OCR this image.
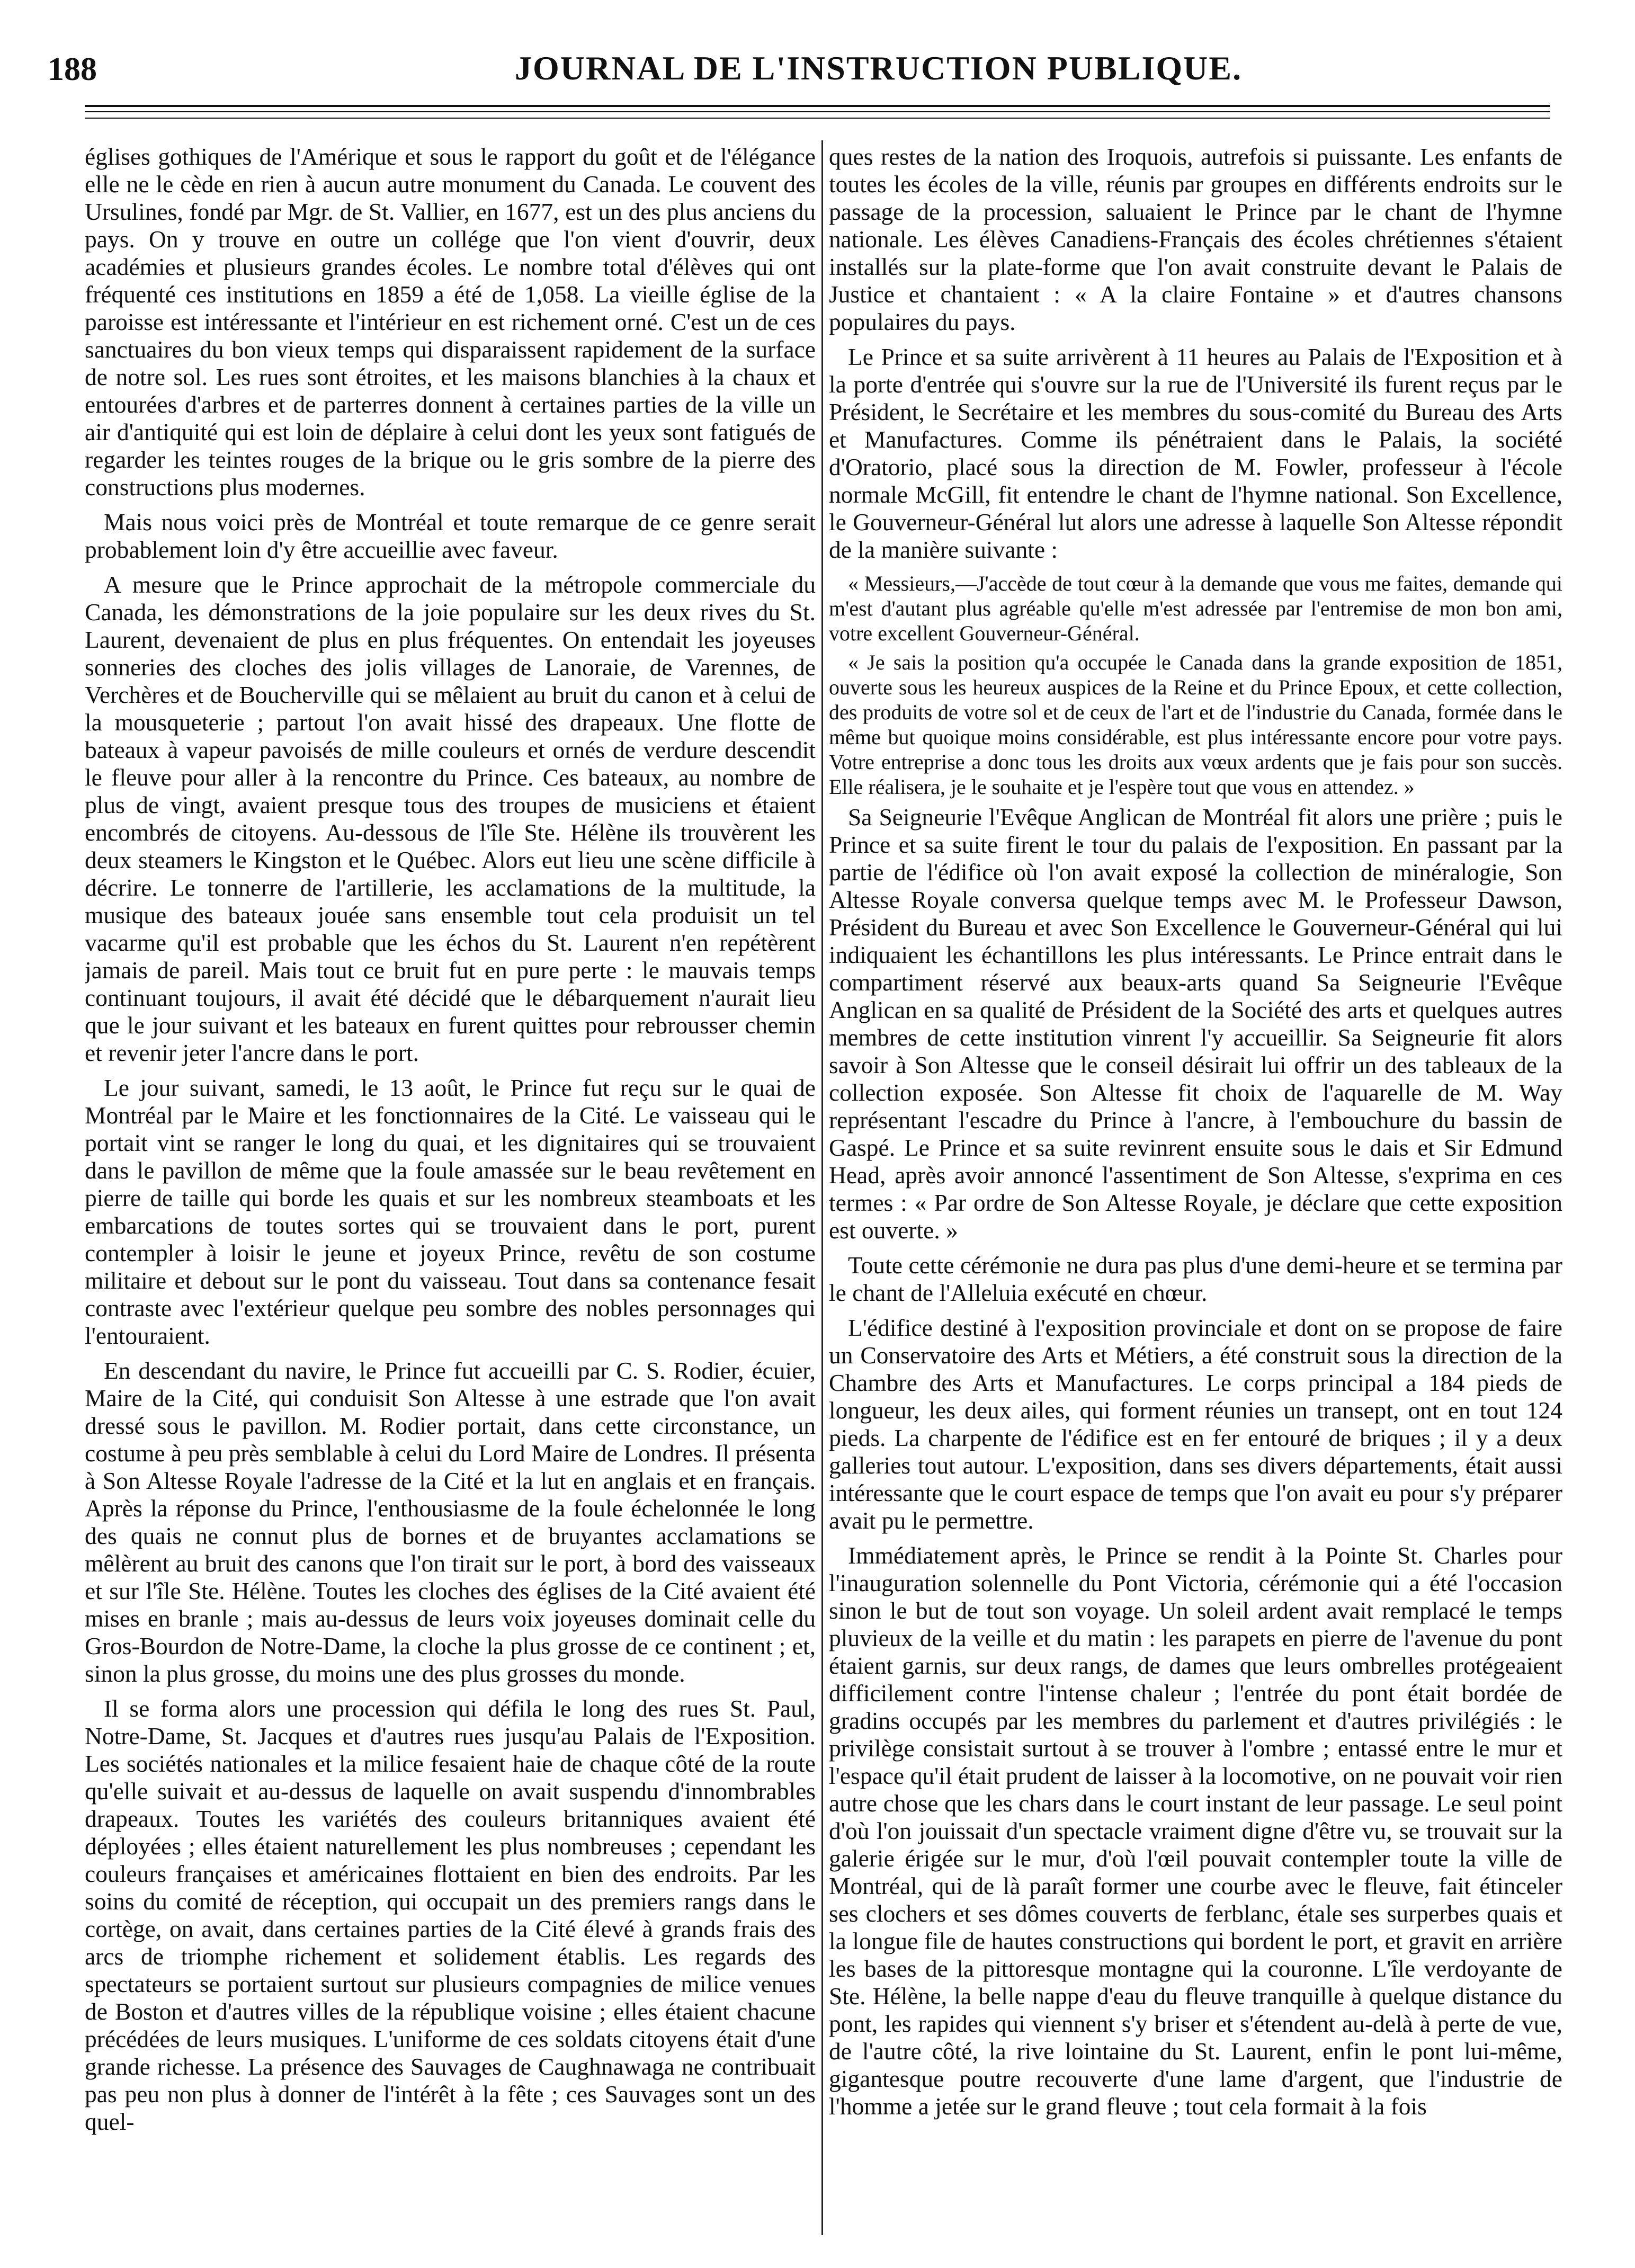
188	JOURNAL DE L'INSTRUCTION PUBLIQUE.

églises gothiques de l'Amérique et sous le rapport du goût et de l'élégance elle ne le cède en rien à aucun autre monument du Canada. Le couvent des Ursulines, fondé par Mgr. de St. Vallier, en 1677, est un des plus anciens du pays. On y trouve en outre un collége que l'on vient d'ouvrir, deux académies et plusieurs grandes écoles. Le nombre total d'élèves qui ont fréquenté ces institutions en 1859 a été de 1,058. La vieille église de la paroisse est intéressante et l'intérieur en est richement orné. C'est un de ces sanctuaires du bon vieux temps qui disparaissent rapidement de la surface de notre sol. Les rues sont étroites, et les maisons blanchies à la chaux et entourées d'arbres et de parterres donnent à certaines parties de la ville un air d'antiquité qui est loin de déplaire à celui dont les yeux sont fatigués de regarder les teintes rouges de la brique ou le gris sombre de la pierre des constructions plus modernes.

Mais nous voici près de Montréal et toute remarque de ce genre serait probablement loin d'y être accueillie avec faveur.

A mesure que le Prince approchait de la métropole commerciale du Canada, les démonstrations de la joie populaire sur les deux rives du St. Laurent, devenaient de plus en plus fréquentes. On entendait les joyeuses sonneries des cloches des jolis villages de Lanoraie, de Varennes, de Verchères et de Boucherville qui se mêlaient au bruit du canon et à celui de la mousqueterie ; partout l'on avait hissé des drapeaux. Une flotte de bateaux à vapeur pavoisés de mille couleurs et ornés de verdure descendit le fleuve pour aller à la rencontre du Prince. Ces bateaux, au nombre de plus de vingt, avaient presque tous des troupes de musiciens et étaient encombrés de citoyens. Au-dessous de l'île Ste. Hélène ils trouvèrent les deux steamers le Kingston et le Québec. Alors eut lieu une scène difficile à décrire. Le tonnerre de l'artillerie, les acclamations de la multitude, la musique des bateaux jouée sans ensemble tout cela produisit un tel vacarme qu'il est probable que les échos du St. Laurent n'en repétèrent jamais de pareil. Mais tout ce bruit fut en pure perte : le mauvais temps continuant toujours, il avait été décidé que le débarquement n'aurait lieu que le jour suivant et les bateaux en furent quittes pour rebrousser chemin et revenir jeter l'ancre dans le port.

Le jour suivant, samedi, le 13 août, le Prince fut reçu sur le quai de Montréal par le Maire et les fonctionnaires de la Cité. Le vaisseau qui le portait vint se ranger le long du quai, et les dignitaires qui se trouvaient dans le pavillon de même que la foule amassée sur le beau revêtement en pierre de taille qui borde les quais et sur les nombreux steamboats et les embarcations de toutes sortes qui se trouvaient dans le port, purent contempler à loisir le jeune et joyeux Prince, revêtu de son costume militaire et debout sur le pont du vaisseau. Tout dans sa contenance fesait contraste avec l'extérieur quelque peu sombre des nobles personnages qui l'entouraient.

En descendant du navire, le Prince fut accueilli par C. S. Rodier, écuier, Maire de la Cité, qui conduisit Son Altesse à une estrade que l'on avait dressé sous le pavillon. M. Rodier portait, dans cette circonstance, un costume à peu près semblable à celui du Lord Maire de Londres. Il présenta à Son Altesse Royale l'adresse de la Cité et la lut en anglais et en français. Après la réponse du Prince, l'enthousiasme de la foule échelonnée le long des quais ne connut plus de bornes et de bruyantes acclamations se mêlèrent au bruit des canons que l'on tirait sur le port, à bord des vaisseaux et sur l'île Ste. Hélène. Toutes les cloches des églises de la Cité avaient été mises en branle ; mais au-dessus de leurs voix joyeuses dominait celle du Gros-Bourdon de Notre-Dame, la cloche la plus grosse de ce continent ; et, sinon la plus grosse, du moins une des plus grosses du monde.

Il se forma alors une procession qui défila le long des rues St. Paul, Notre-Dame, St. Jacques et d'autres rues jusqu'au Palais de l'Exposition. Les sociétés nationales et la milice fesaient haie de chaque côté de la route qu'elle suivait et au-dessus de laquelle on avait suspendu d'innombrables drapeaux. Toutes les variétés des couleurs britanniques avaient été déployées ; elles étaient naturellement les plus nombreuses ; cependant les couleurs françaises et américaines flottaient en bien des endroits. Par les soins du comité de réception, qui occupait un des premiers rangs dans le cortège, on avait, dans certaines parties de la Cité élevé à grands frais des arcs de triomphe richement et solidement établis. Les regards des spectateurs se portaient surtout sur plusieurs compagnies de milice venues de Boston et d'autres villes de la république voisine ; elles étaient chacune précédées de leurs musiques. L'uniforme de ces soldats citoyens était d'une grande richesse. La présence des Sauvages de Caughnawaga ne contribuait pas peu non plus à donner de l'intérêt à la fête ; ces Sauvages sont un des quel-

ques restes de la nation des Iroquois, autrefois si puissante. Les enfants de toutes les écoles de la ville, réunis par groupes en différents endroits sur le passage de la procession, saluaient le Prince par le chant de l'hymne nationale. Les élèves Canadiens-Français des écoles chrétiennes s'étaient installés sur la plate-forme que l'on avait construite devant le Palais de Justice et chantaient : « A la claire Fontaine » et d'autres chansons populaires du pays.

Le Prince et sa suite arrivèrent à 11 heures au Palais de l'Exposition et à la porte d'entrée qui s'ouvre sur la rue de l'Université ils furent reçus par le Président, le Secrétaire et les membres du sous-comité du Bureau des Arts et Manufactures. Comme ils pénétraient dans le Palais, la société d'Oratorio, placé sous la direction de M. Fowler, professeur à l'école normale McGill, fit entendre le chant de l'hymne national. Son Excellence, le Gouverneur-Général lut alors une adresse à laquelle Son Altesse répondit de la manière suivante :

« Messieurs,—J'accède de tout cœur à la demande que vous me faites, demande qui m'est d'autant plus agréable qu'elle m'est adressée par l'entremise de mon bon ami, votre excellent Gouverneur-Général.

« Je sais la position qu'a occupée le Canada dans la grande exposition de 1851, ouverte sous les heureux auspices de la Reine et du Prince Epoux, et cette collection, des produits de votre sol et de ceux de l'art et de l'industrie du Canada, formée dans le même but quoique moins considérable, est plus intéressante encore pour votre pays. Votre entreprise a donc tous les droits aux vœux ardents que je fais pour son succès. Elle réalisera, je le souhaite et je l'espère tout que vous en attendez. »

Sa Seigneurie l'Evêque Anglican de Montréal fit alors une prière ; puis le Prince et sa suite firent le tour du palais de l'exposition. En passant par la partie de l'édifice où l'on avait exposé la collection de minéralogie, Son Altesse Royale conversa quelque temps avec M. le Professeur Dawson, Président du Bureau et avec Son Excellence le Gouverneur-Général qui lui indiquaient les échantillons les plus intéressants. Le Prince entrait dans le compartiment réservé aux beaux-arts quand Sa Seigneurie l'Evêque Anglican en sa qualité de Président de la Société des arts et quelques autres membres de cette institution vinrent l'y accueillir. Sa Seigneurie fit alors savoir à Son Altesse que le conseil désirait lui offrir un des tableaux de la collection exposée. Son Altesse fit choix de l'aquarelle de M. Way représentant l'escadre du Prince à l'ancre, à l'embouchure du bassin de Gaspé. Le Prince et sa suite revinrent ensuite sous le dais et Sir Edmund Head, après avoir annoncé l'assentiment de Son Altesse, s'exprima en ces termes : « Par ordre de Son Altesse Royale, je déclare que cette exposition est ouverte. »

Toute cette cérémonie ne dura pas plus d'une demi-heure et se termina par le chant de l'Alleluia exécuté en chœur.

L'édifice destiné à l'exposition provinciale et dont on se propose de faire un Conservatoire des Arts et Métiers, a été construit sous la direction de la Chambre des Arts et Manufactures. Le corps principal a 184 pieds de longueur, les deux ailes, qui forment réunies un transept, ont en tout 124 pieds. La charpente de l'édifice est en fer entouré de briques ; il y a deux galleries tout autour. L'exposition, dans ses divers départements, était aussi intéressante que le court espace de temps que l'on avait eu pour s'y préparer avait pu le permettre.

Immédiatement après, le Prince se rendit à la Pointe St. Charles pour l'inauguration solennelle du Pont Victoria, cérémonie qui a été l'occasion sinon le but de tout son voyage. Un soleil ardent avait remplacé le temps pluvieux de la veille et du matin : les parapets en pierre de l'avenue du pont étaient garnis, sur deux rangs, de dames que leurs ombrelles protégeaient difficilement contre l'intense chaleur ; l'entrée du pont était bordée de gradins occupés par les membres du parlement et d'autres privilégiés : le privilège consistait surtout à se trouver à l'ombre ; entassé entre le mur et l'espace qu'il était prudent de laisser à la locomotive, on ne pouvait voir rien autre chose que les chars dans le court instant de leur passage. Le seul point d'où l'on jouissait d'un spectacle vraiment digne d'être vu, se trouvait sur la galerie érigée sur le mur, d'où l'œil pouvait contempler toute la ville de Montréal, qui de là paraît former une courbe avec le fleuve, fait étinceler ses clochers et ses dômes couverts de ferblanc, étale ses surperbes quais et la longue file de hautes constructions qui bordent le port, et gravit en arrière les bases de la pittoresque montagne qui la couronne. L'île verdoyante de Ste. Hélène, la belle nappe d'eau du fleuve tranquille à quelque distance du pont, les rapides qui viennent s'y briser et s'étendent au-delà à perte de vue, de l'autre côté, la rive lointaine du St. Laurent, enfin le pont lui-même, gigantesque poutre recouverte d'une lame d'argent, que l'industrie de l'homme a jetée sur le grand fleuve ; tout cela formait à la fois
